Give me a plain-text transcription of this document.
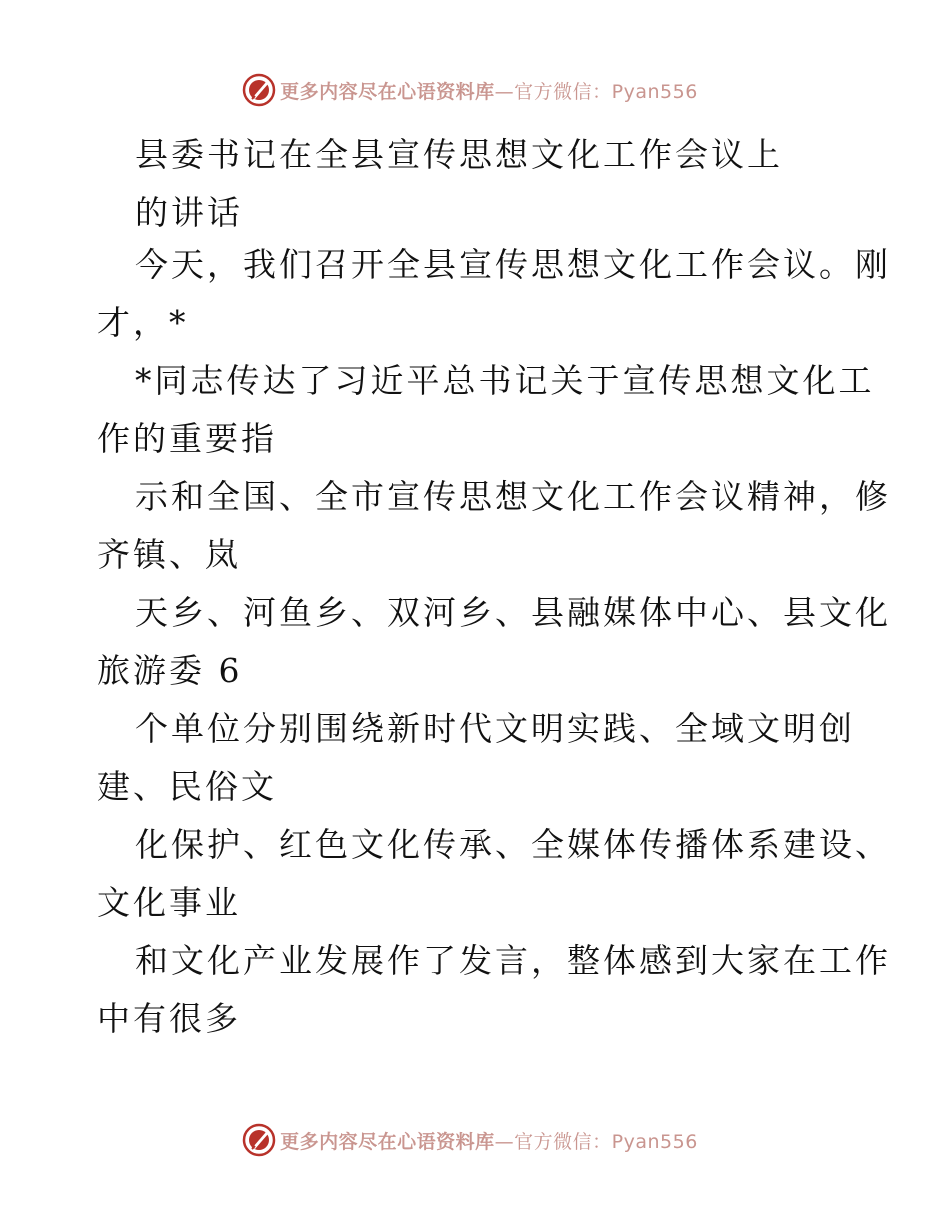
更多内容尽在心语资料库—官方微信：Pyan556
县委书记在全县宣传思想文化工作会议上
的讲话
今天，我们召开全县宣传思想文化工作会议。刚
才，*
*同志传达了习近平总书记关于宣传思想文化工
作的重要指
示和全国、全市宣传思想文化工作会议精神，修
齐镇、岚
天乡、河鱼乡、双河乡、县融媒体中心、县文化
旅游委 6
个单位分别围绕新时代文明实践、全域文明创
建、民俗文
化保护、红色文化传承、全媒体传播体系建设、
文化事业
和文化产业发展作了发言，整体感到大家在工作
中有很多
更多内容尽在心语资料库—官方微信：Pyan556
